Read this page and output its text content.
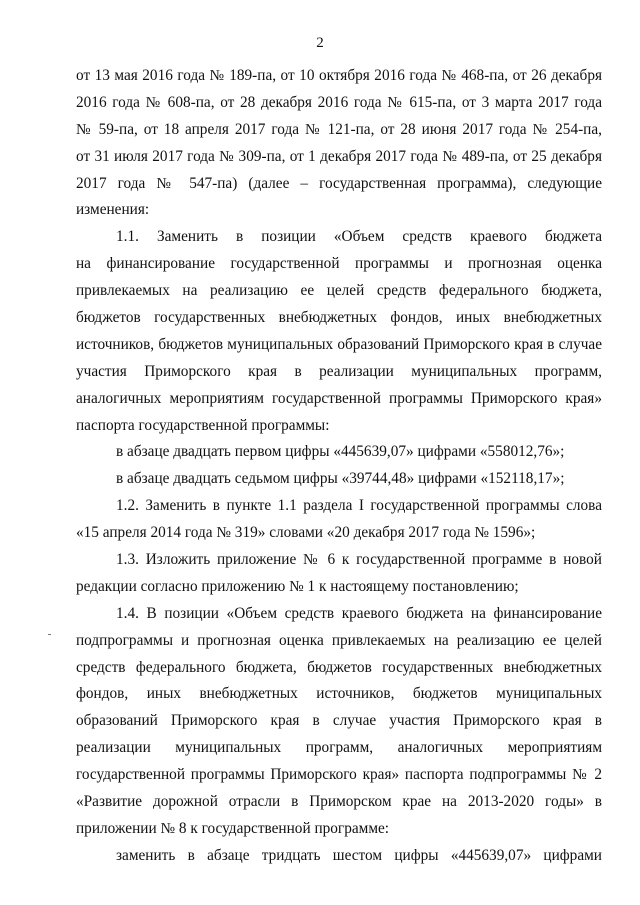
2
от 13 мая 2016 года № 189-па, от 10 октября 2016 года № 468-па, от 26 декабря
2016 года № 608-па, от 28 декабря 2016 года № 615-па, от 3 марта 2017 года
№ 59-па, от 18 апреля 2017 года № 121-па, от 28 июня 2017 года № 254-па,
от 31 июля 2017 года № 309-па, от 1 декабря 2017 года № 489-па, от 25 декабря
2017 года № 547-па) (далее – государственная программа), следующие
изменения:
1.1. Заменить в позиции «Объем средств краевого бюджета
на финансирование государственной программы и прогнозная оценка
привлекаемых на реализацию ее целей средств федерального бюджета,
бюджетов государственных внебюджетных фондов, иных внебюджетных
источников, бюджетов муниципальных образований Приморского края в случае
участия Приморского края в реализации муниципальных программ,
аналогичных мероприятиям государственной программы Приморского края»
паспорта государственной программы:
в абзаце двадцать первом цифры «445639,07» цифрами «558012,76»;
в абзаце двадцать седьмом цифры «39744,48» цифрами «152118,17»;
1.2. Заменить в пункте 1.1 раздела I государственной программы слова
«15 апреля 2014 года № 319» словами «20 декабря 2017 года № 1596»;
1.3. Изложить приложение № 6 к государственной программе в новой
редакции согласно приложению № 1 к настоящему постановлению;
1.4. В позиции «Объем средств краевого бюджета на финансирование
подпрограммы и прогнозная оценка привлекаемых на реализацию ее целей
средств федерального бюджета, бюджетов государственных внебюджетных
фондов, иных внебюджетных источников, бюджетов муниципальных
образований Приморского края в случае участия Приморского края в
реализации муниципальных программ, аналогичных мероприятиям
государственной программы Приморского края» паспорта подпрограммы № 2
«Развитие дорожной отрасли в Приморском крае на 2013-2020 годы» в
приложении № 8 к государственной программе:
заменить в абзаце тридцать шестом цифры «445639,07» цифрами
